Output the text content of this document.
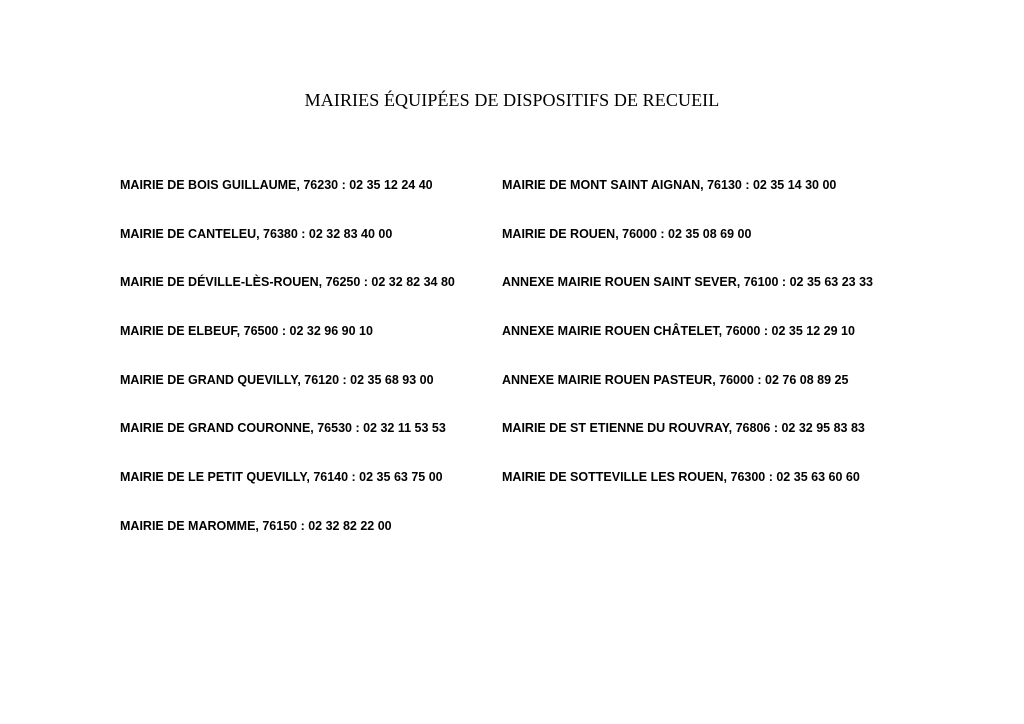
MAIRIES ÉQUIPÉES DE DISPOSITIFS DE RECUEIL
MAIRIE DE BOIS GUILLAUME, 76230 : 02 35 12 24 40
MAIRIE DE CANTELEU, 76380 : 02 32 83 40 00
MAIRIE DE DÉVILLE-LÈS-ROUEN, 76250 : 02 32 82 34 80
MAIRIE DE ELBEUF, 76500 : 02 32 96 90 10
MAIRIE DE GRAND QUEVILLY, 76120 : 02 35 68 93 00
MAIRIE DE GRAND COURONNE, 76530 : 02 32 11 53 53
MAIRIE DE LE PETIT QUEVILLY, 76140 : 02 35 63 75 00
MAIRIE DE MAROMME, 76150 : 02 32 82 22 00
MAIRIE DE MONT SAINT AIGNAN, 76130 : 02 35 14 30 00
MAIRIE DE ROUEN, 76000 : 02 35 08 69 00
ANNEXE MAIRIE ROUEN SAINT SEVER, 76100 : 02 35 63 23 33
ANNEXE MAIRIE ROUEN CHÂTELET, 76000 : 02 35 12 29 10
ANNEXE MAIRIE ROUEN PASTEUR, 76000 : 02 76 08 89 25
MAIRIE DE ST ETIENNE DU ROUVRAY, 76806 : 02 32 95 83 83
MAIRIE DE SOTTEVILLE LES ROUEN, 76300 : 02 35 63 60 60
